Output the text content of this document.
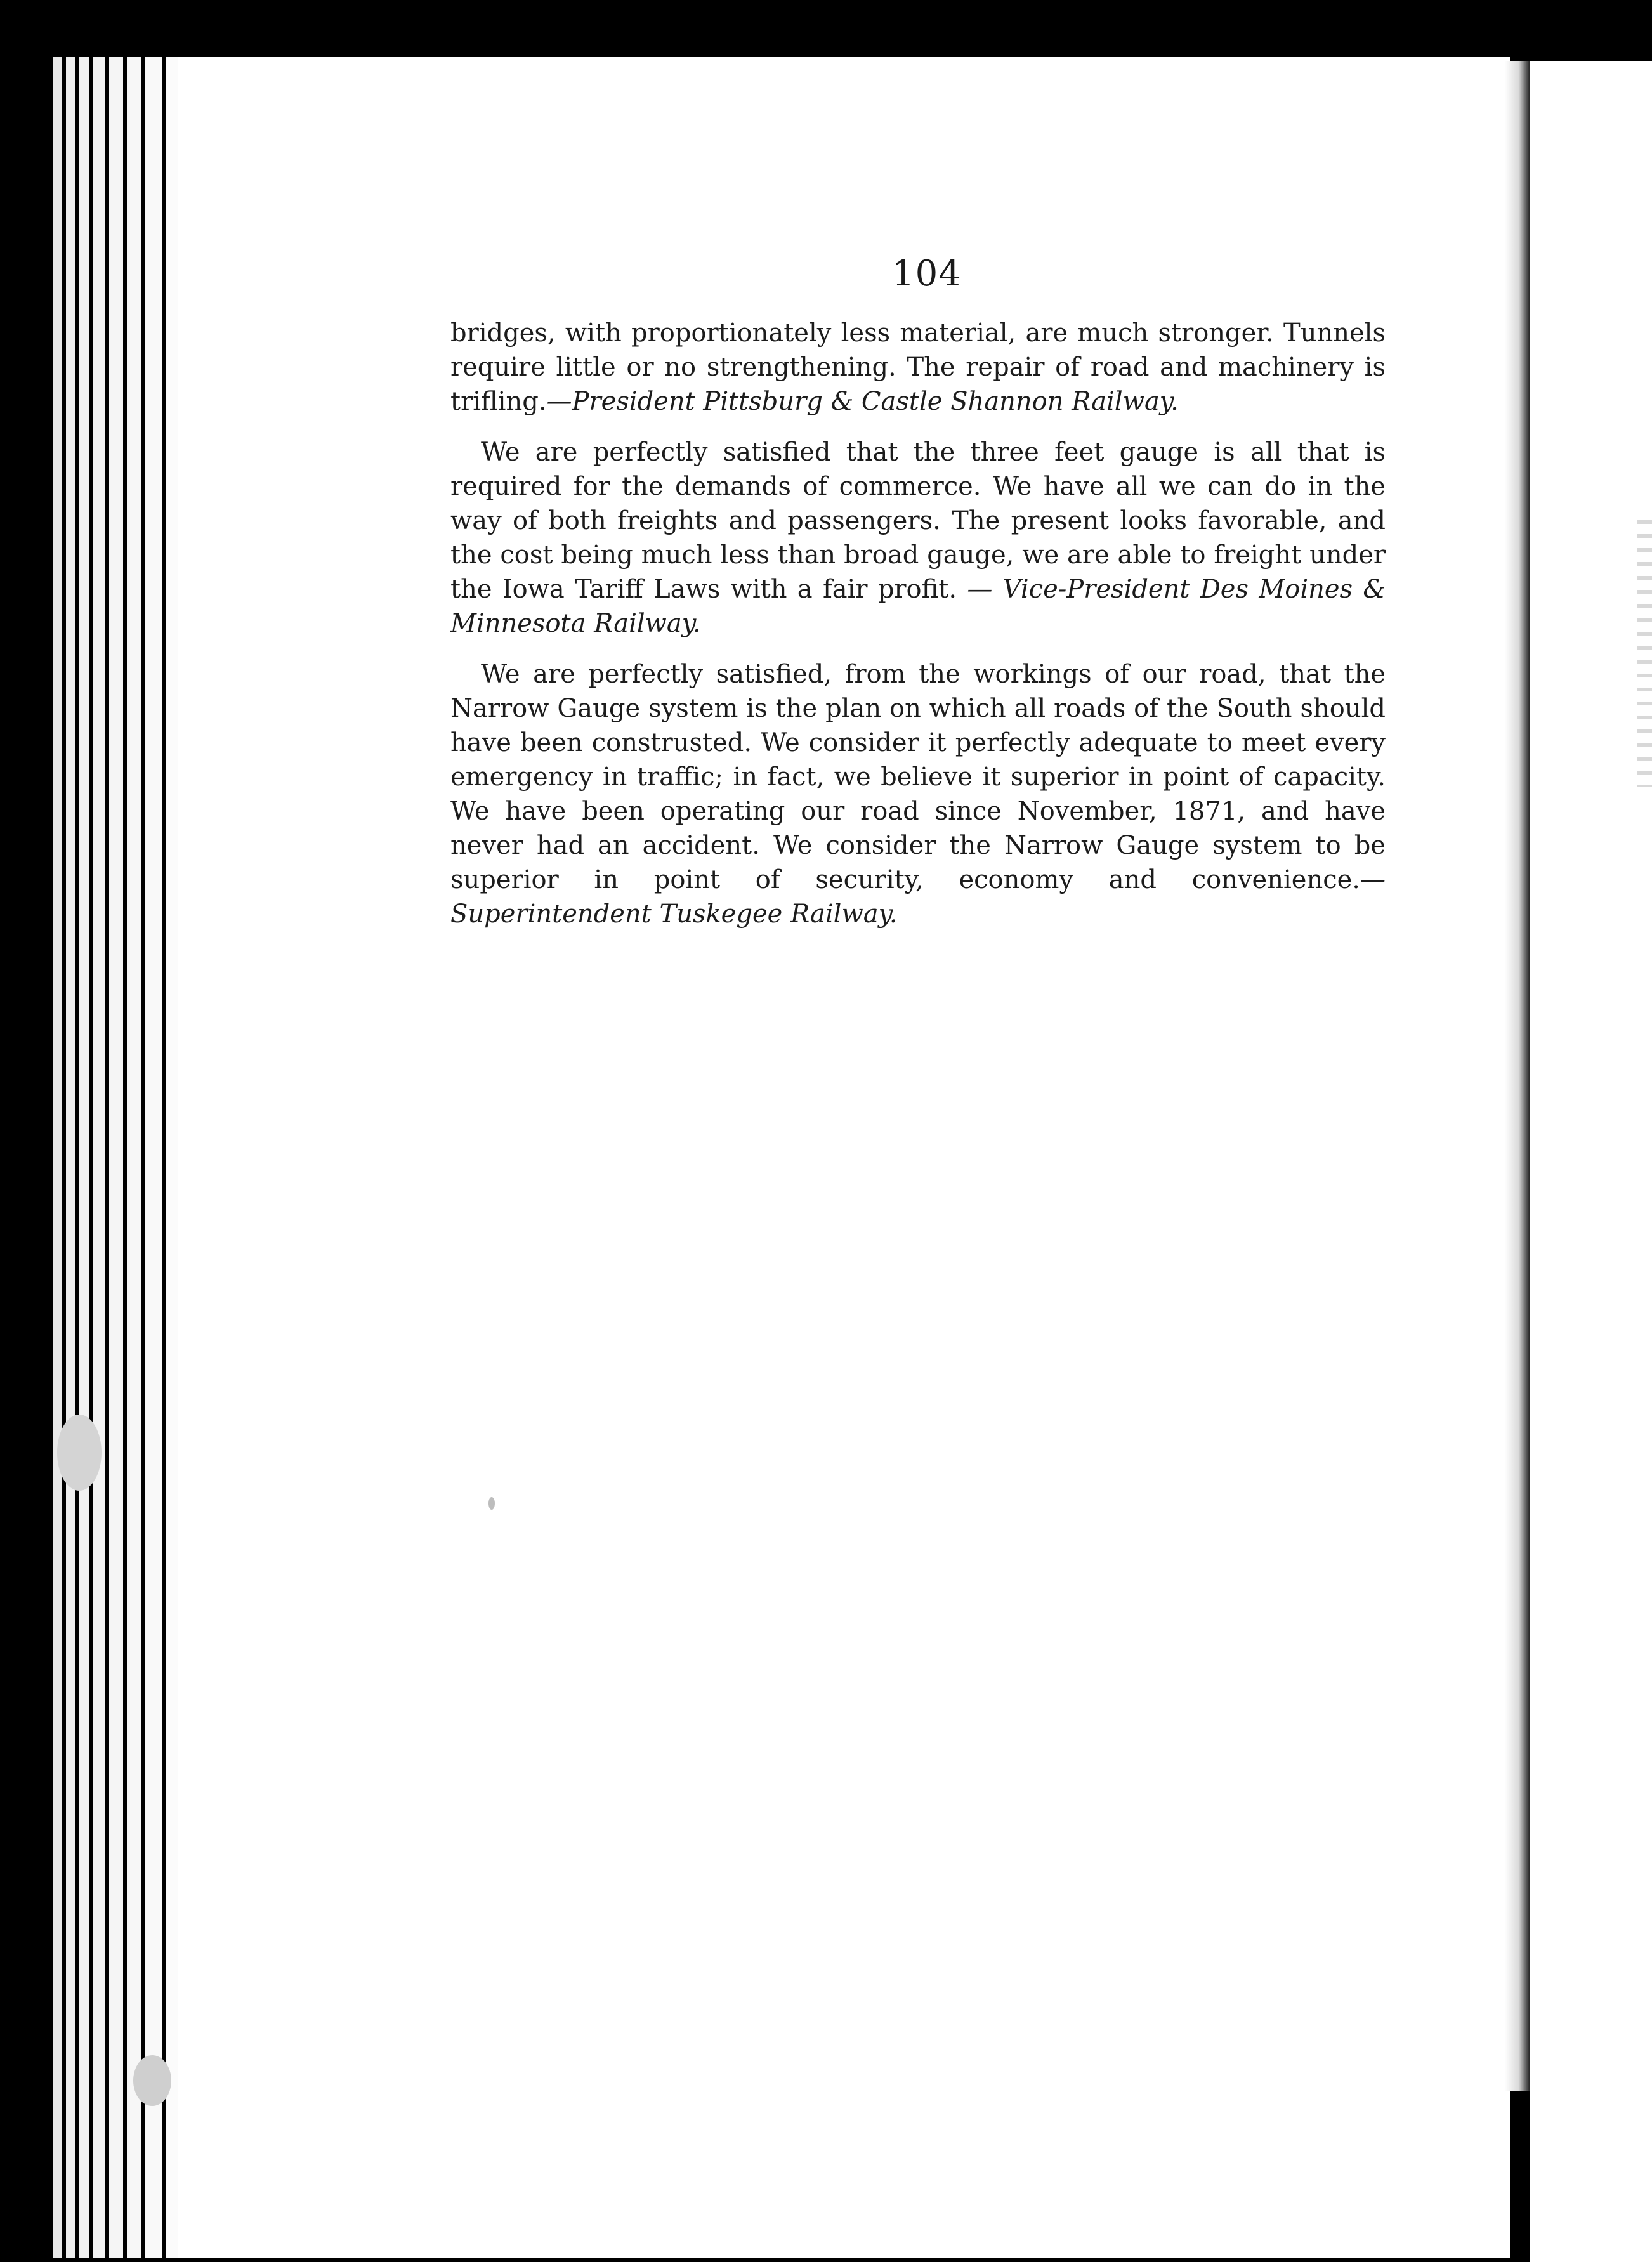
104

bridges, with proportionately less material, are much stronger. Tunnels require little or no strengthening. The repair of road and machinery is trifling.—President Pittsburg & Castle Shannon Railway.

We are perfectly satisfied that the three feet gauge is all that is required for the demands of commerce. We have all we can do in the way of both freights and passengers. The present looks favorable, and the cost being much less than broad gauge, we are able to freight under the Iowa Tariff Laws with a fair profit. — Vice-President Des Moines & Minnesota Railway.

We are perfectly satisfied, from the workings of our road, that the Narrow Gauge system is the plan on which all roads of the South should have been construsted. We consider it perfectly adequate to meet every emergency in traffic; in fact, we believe it superior in point of capacity. We have been operating our road since November, 1871, and have never had an accident. We consider the Narrow Gauge system to be superior in point of security, economy and convenience.—Superintendent Tuskegee Railway.
